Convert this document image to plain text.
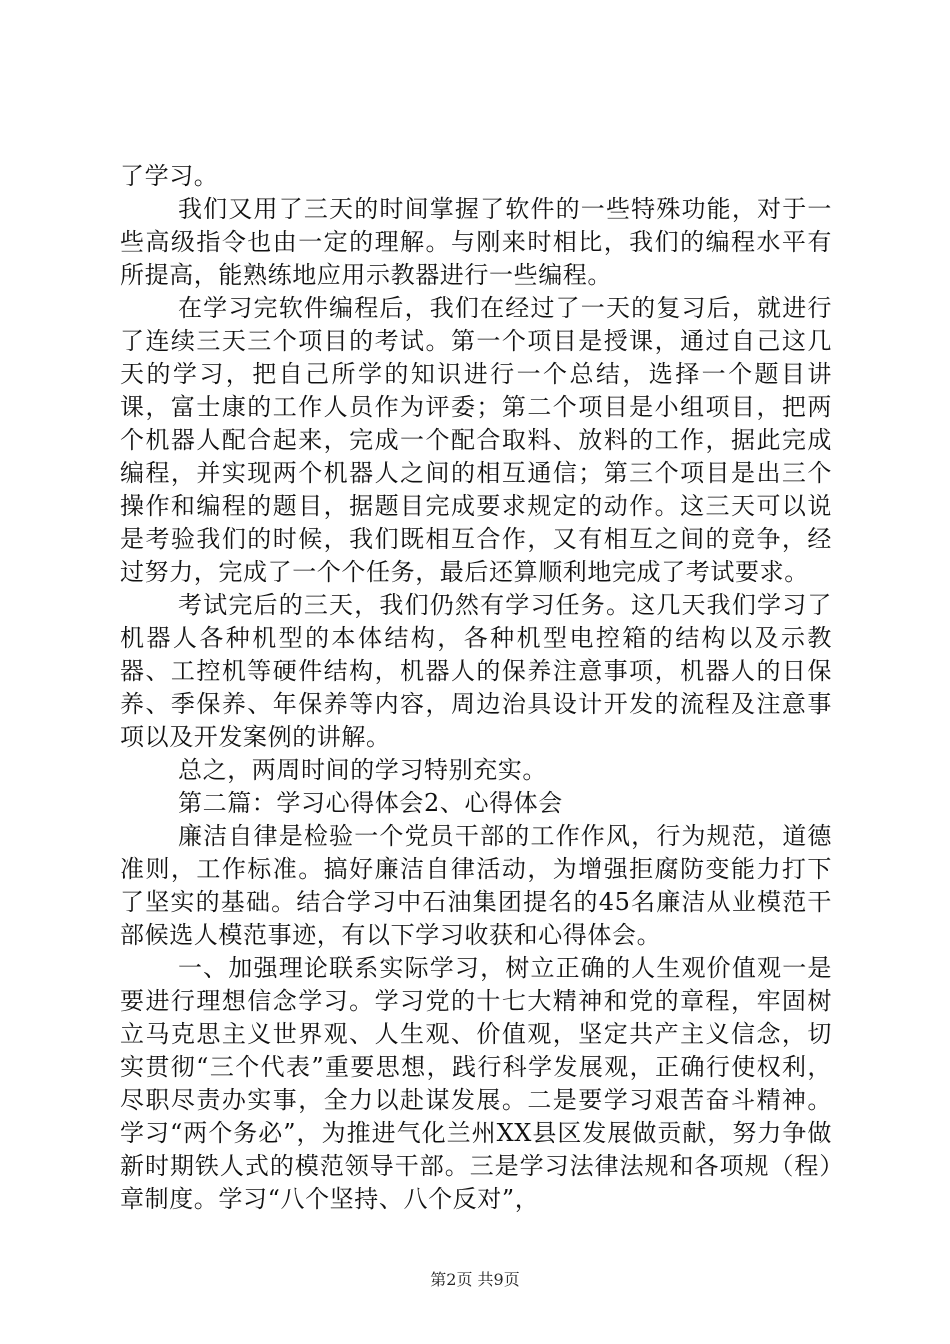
了学习。

我们又用了三天的时间掌握了软件的一些特殊功能，对于一些高级指令也由一定的理解。与刚来时相比，我们的编程水平有所提高，能熟练地应用示教器进行一些编程。

在学习完软件编程后，我们在经过了一天的复习后，就进行了连续三天三个项目的考试。第一个项目是授课，通过自己这几天的学习，把自己所学的知识进行一个总结，选择一个题目讲课，富士康的工作人员作为评委；第二个项目是小组项目，把两个机器人配合起来，完成一个配合取料、放料的工作，据此完成编程，并实现两个机器人之间的相互通信；第三个项目是出三个操作和编程的题目，据题目完成要求规定的动作。这三天可以说是考验我们的时候，我们既相互合作，又有相互之间的竞争，经过努力，完成了一个个任务，最后还算顺利地完成了考试要求。

考试完后的三天，我们仍然有学习任务。这几天我们学习了机器人各种机型的本体结构，各种机型电控箱的结构以及示教器、工控机等硬件结构，机器人的保养注意事项，机器人的日保养、季保养、年保养等内容，周边治具设计开发的流程及注意事项以及开发案例的讲解。

总之，两周时间的学习特别充实。

第二篇：学习心得体会2、心得体会

廉洁自律是检验一个党员干部的工作作风，行为规范，道德准则，工作标准。搞好廉洁自律活动，为增强拒腐防变能力打下了坚实的基础。结合学习中石油集团提名的45名廉洁从业模范干部候选人模范事迹，有以下学习收获和心得体会。

一、加强理论联系实际学习，树立正确的人生观价值观一是要进行理想信念学习。学习党的十七大精神和党的章程，牢固树立马克思主义世界观、人生观、价值观，坚定共产主义信念，切实贯彻“三个代表”重要思想，践行科学发展观，正确行使权利，尽职尽责办实事，全力以赴谋发展。二是要学习艰苦奋斗精神。学习“两个务必”，为推进气化兰州XX县区发展做贡献，努力争做新时期铁人式的模范领导干部。三是学习法律法规和各项规（程）章制度。学习“八个坚持、八个反对”，

第2页 共9页
